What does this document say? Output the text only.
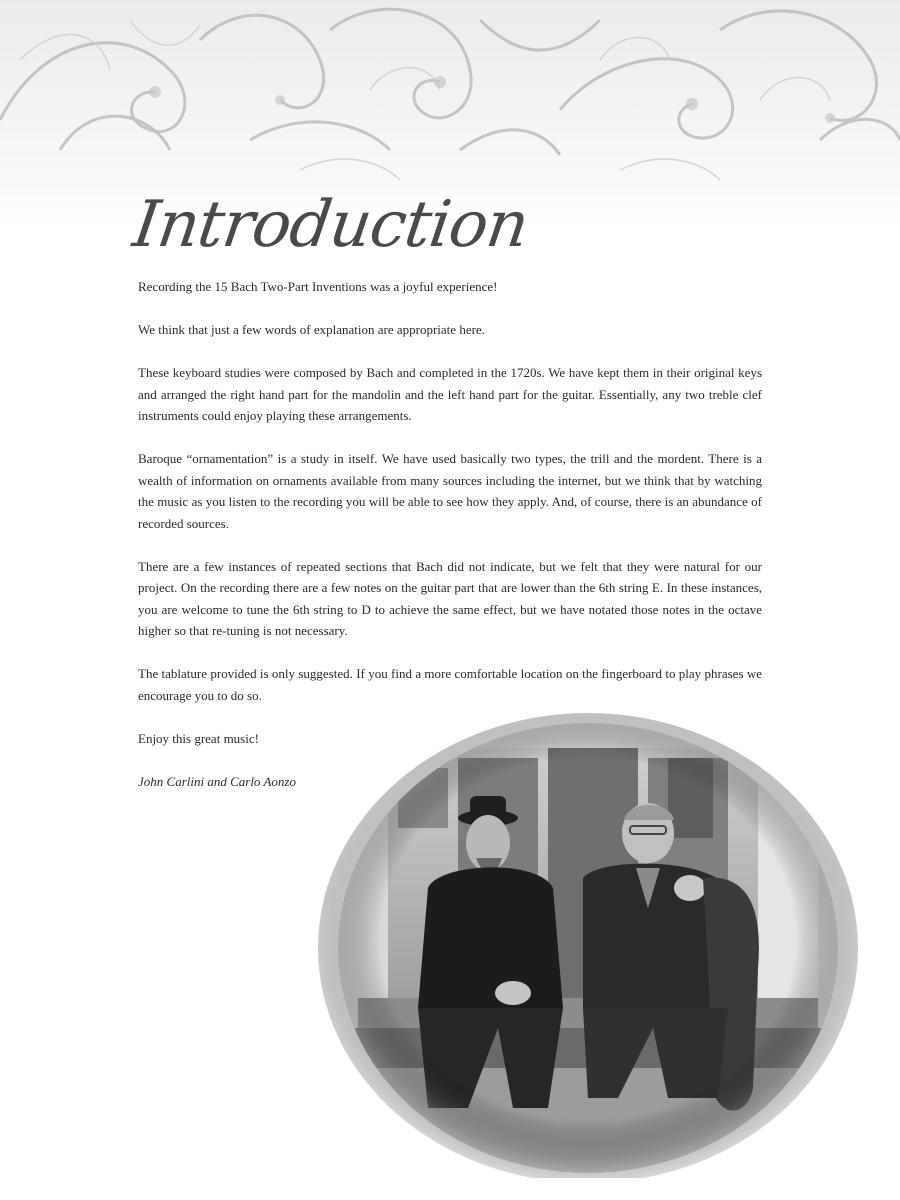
Introduction

Recording the 15 Bach Two-Part Inventions was a joyful experience!

We think that just a few words of explanation are appropriate here.

These keyboard studies were composed by Bach and completed in the 1720s. We have kept them in their original keys and arranged the right hand part for the mandolin and the left hand part for the guitar. Essentially, any two treble clef instruments could enjoy playing these arrangements.

Baroque “ornamentation” is a study in itself. We have used basically two types, the trill and the mordent. There is a wealth of information on ornaments available from many sources including the internet, but we think that by watching the music as you listen to the recording you will be able to see how they apply. And, of course, there is an abundance of recorded sources.

There are a few instances of repeated sections that Bach did not indicate, but we felt that they were natural for our project. On the recording there are a few notes on the guitar part that are lower than the 6th string E. In these instances, you are welcome to tune the 6th string to D to achieve the same effect, but we have notated those notes in the octave higher so that re-tuning is not necessary.

The tablature provided is only suggested. If you find a more comfortable location on the fingerboard to play phrases we encourage you to do so.

Enjoy this great music!

John Carlini and Carlo Aonzo
